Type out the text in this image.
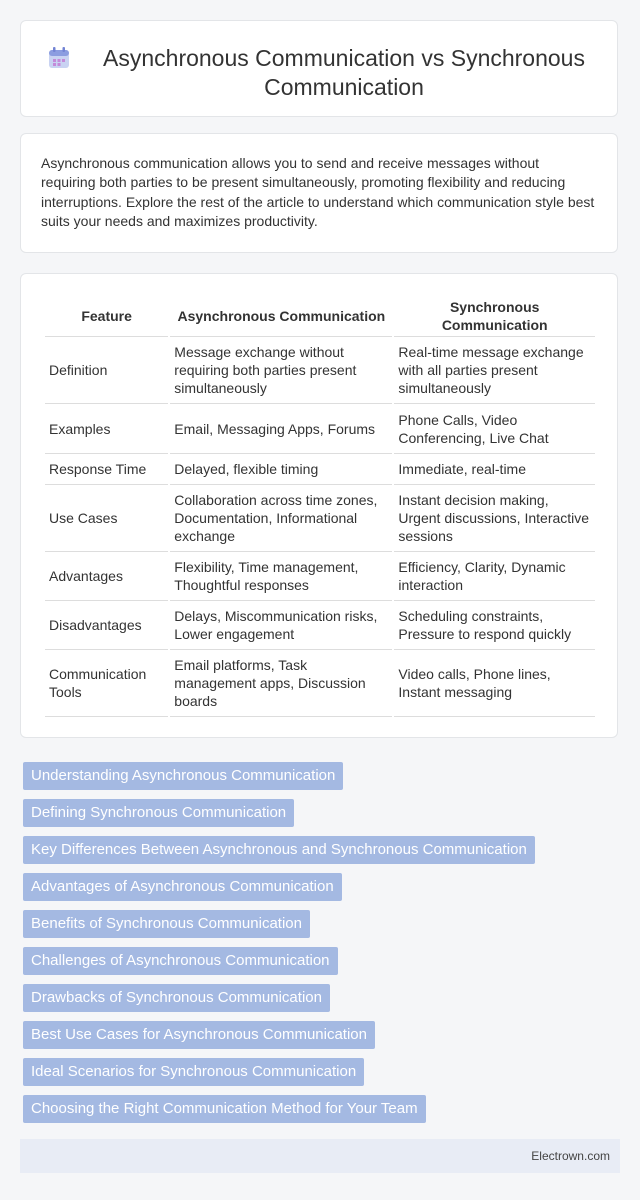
Asynchronous Communication vs Synchronous Communication

Asynchronous communication allows you to send and receive messages without requiring both parties to be present simultaneously, promoting flexibility and reducing interruptions. Explore the rest of the article to understand which communication style best suits your needs and maximizes productivity.

Feature	Asynchronous Communication	Synchronous Communication
Definition	Message exchange without requiring both parties present simultaneously	Real-time message exchange with all parties present simultaneously
Examples	Email, Messaging Apps, Forums	Phone Calls, Video Conferencing, Live Chat
Response Time	Delayed, flexible timing	Immediate, real-time
Use Cases	Collaboration across time zones, Documentation, Informational exchange	Instant decision making, Urgent discussions, Interactive sessions
Advantages	Flexibility, Time management, Thoughtful responses	Efficiency, Clarity, Dynamic interaction
Disadvantages	Delays, Miscommunication risks, Lower engagement	Scheduling constraints, Pressure to respond quickly
Communication Tools	Email platforms, Task management apps, Discussion boards	Video calls, Phone lines, Instant messaging
Understanding Asynchronous Communication
Defining Synchronous Communication
Key Differences Between Asynchronous and Synchronous Communication
Advantages of Asynchronous Communication
Benefits of Synchronous Communication
Challenges of Asynchronous Communication
Drawbacks of Synchronous Communication
Best Use Cases for Asynchronous Communication
Ideal Scenarios for Synchronous Communication
Choosing the Right Communication Method for Your Team
Electrown.com
